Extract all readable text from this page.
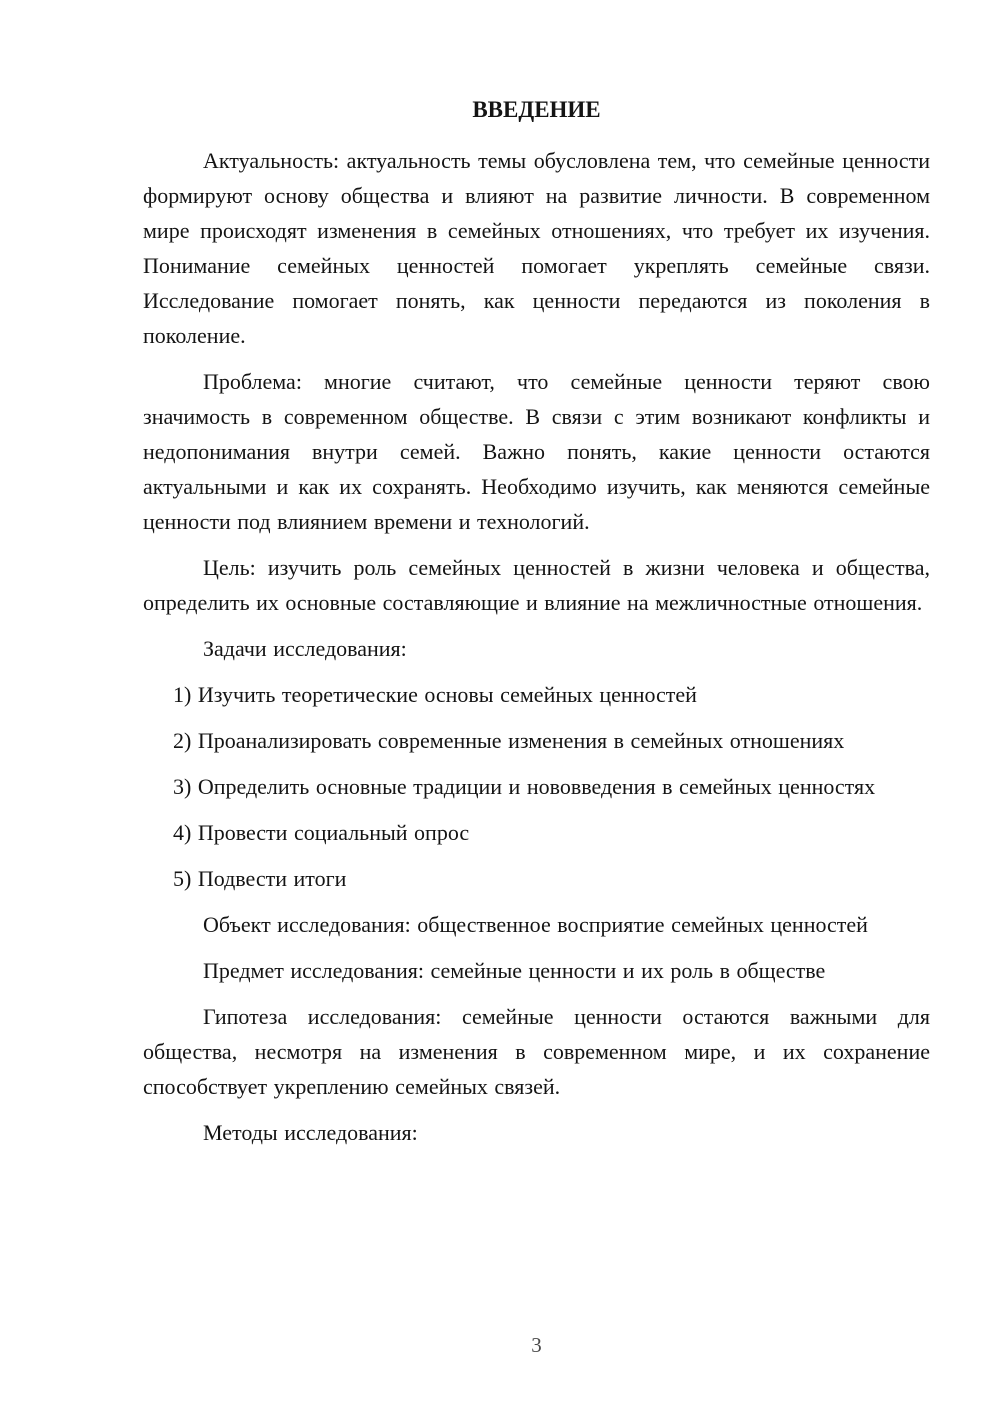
ВВЕДЕНИЕ

Актуальность: актуальность темы обусловлена тем, что семейные ценности формируют основу общества и влияют на развитие личности. В современном мире происходят изменения в семейных отношениях, что требует их изучения. Понимание семейных ценностей помогает укреплять семейные связи. Исследование помогает понять, как ценности передаются из поколения в поколение.

Проблема: многие считают, что семейные ценности теряют свою значимость в современном обществе. В связи с этим возникают конфликты и недопонимания внутри семей. Важно понять, какие ценности остаются актуальными и как их сохранять. Необходимо изучить, как меняются семейные ценности под влиянием времени и технологий.

Цель: изучить роль семейных ценностей в жизни человека и общества, определить их основные составляющие и влияние на межличностные отношения.

Задачи исследования:

1) Изучить теоретические основы семейных ценностей

2) Проанализировать современные изменения в семейных отношениях

3) Определить основные традиции и нововведения в семейных ценностях

4) Провести социальный опрос

5) Подвести итоги

Объект исследования: общественное восприятие семейных ценностей

Предмет исследования: семейные ценности и их роль в обществе

Гипотеза исследования: семейные ценности остаются важными для общества, несмотря на изменения в современном мире, и их сохранение способствует укреплению семейных связей.

Методы исследования:

3
